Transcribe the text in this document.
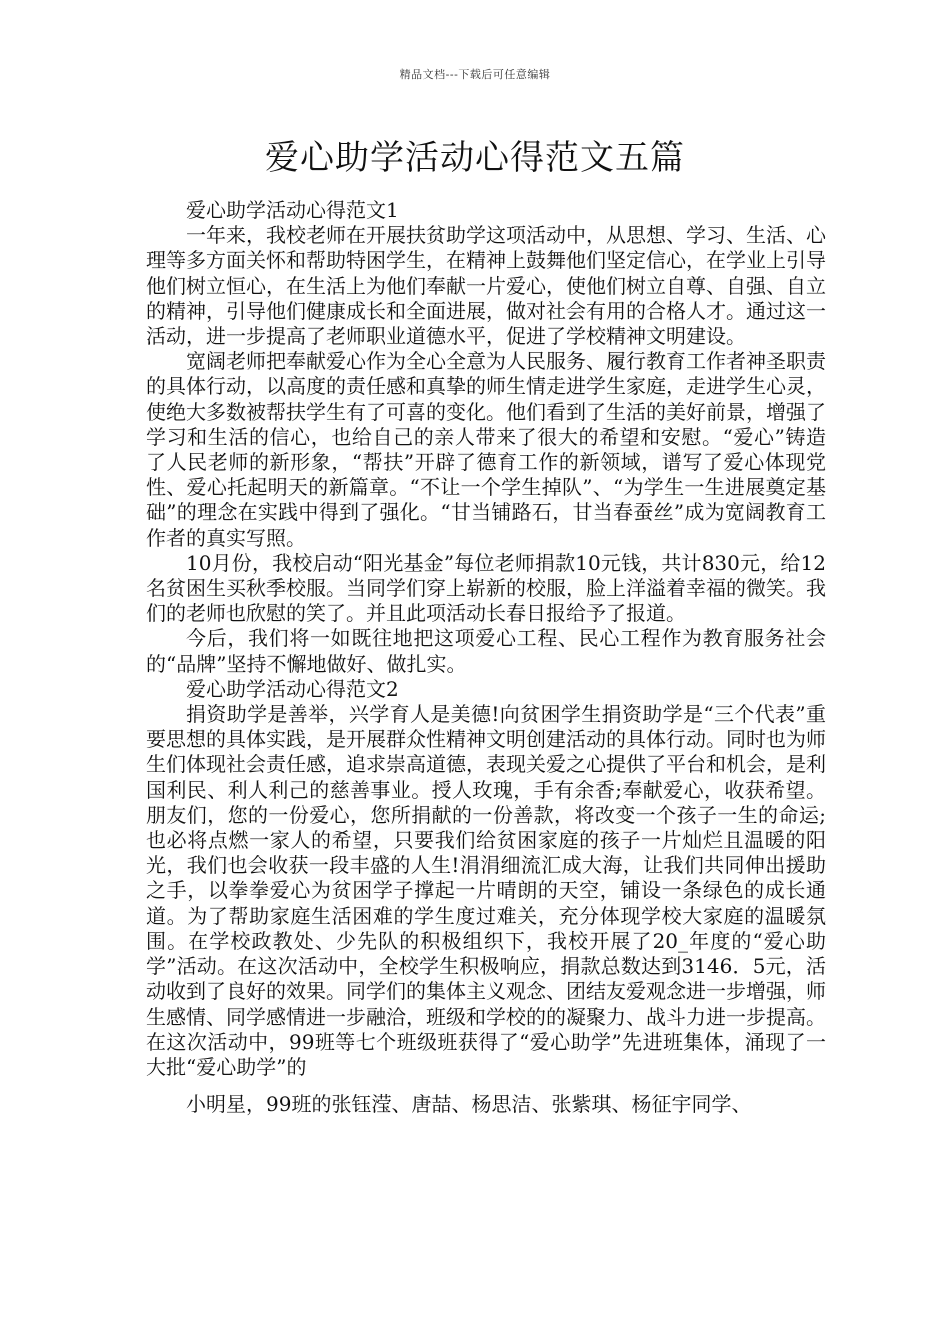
精品文档---下载后可任意编辑
爱心助学活动心得范文五篇

爱心助学活动心得范文1

一年来，我校老师在开展扶贫助学这项活动中，从思想、学习、生活、心理等多方面关怀和帮助特困学生，在精神上鼓舞他们坚定信心，在学业上引导他们树立恒心，在生活上为他们奉献一片爱心，使他们树立自尊、自强、自立的精神，引导他们健康成长和全面进展，做对社会有用的合格人才。通过这一活动，进一步提高了老师职业道德水平，促进了学校精神文明建设。

宽阔老师把奉献爱心作为全心全意为人民服务、履行教育工作者神圣职责的具体行动，以高度的责任感和真挚的师生情走进学生家庭，走进学生心灵，使绝大多数被帮扶学生有了可喜的变化。他们看到了生活的美好前景，增强了学习和生活的信心，也给自己的亲人带来了很大的希望和安慰。“爱心”铸造了人民老师的新形象，“帮扶”开辟了德育工作的新领域，谱写了爱心体现党性、爱心托起明天的新篇章。“不让一个学生掉队”、“为学生一生进展奠定基础”的理念在实践中得到了强化。“甘当铺路石，甘当春蚕丝”成为宽阔教育工作者的真实写照。

10月份，我校启动“阳光基金”每位老师捐款10元钱，共计830元，给12名贫困生买秋季校服。当同学们穿上崭新的校服，脸上洋溢着幸福的微笑。我们的老师也欣慰的笑了。并且此项活动长春日报给予了报道。

今后，我们将一如既往地把这项爱心工程、民心工程作为教育服务社会的“品牌”坚持不懈地做好、做扎实。

爱心助学活动心得范文2

捐资助学是善举，兴学育人是美德!向贫困学生捐资助学是“三个代表”重要思想的具体实践，是开展群众性精神文明创建活动的具体行动。同时也为师生们体现社会责任感，追求崇高道德，表现关爱之心提供了平台和机会，是利国利民、利人利己的慈善事业。授人玫瑰，手有余香;奉献爱心，收获希望。朋友们，您的一份爱心，您所捐献的一份善款，将改变一个孩子一生的命运;也必将点燃一家人的希望，只要我们给贫困家庭的孩子一片灿烂且温暖的阳光，我们也会收获一段丰盛的人生!涓涓细流汇成大海，让我们共同伸出援助之手，以拳拳爱心为贫困学子撑起一片晴朗的天空，铺设一条绿色的成长通道。为了帮助家庭生活困难的学生度过难关，充分体现学校大家庭的温暖氛围。在学校政教处、少先队的积极组织下，我校开展了20_年度的“爱心助学”活动。在这次活动中，全校学生积极响应，捐款总数达到3146．5元，活动收到了良好的效果。同学们的集体主义观念、团结友爱观念进一步增强，师生感情、同学感情进一步融洽，班级和学校的的凝聚力、战斗力进一步提高。在这次活动中，99班等七个班级班获得了“爱心助学”先进班集体，涌现了一大批“爱心助学”的

小明星，99班的张钰滢、唐喆、杨思洁、张紫琪、杨征宇同学、
